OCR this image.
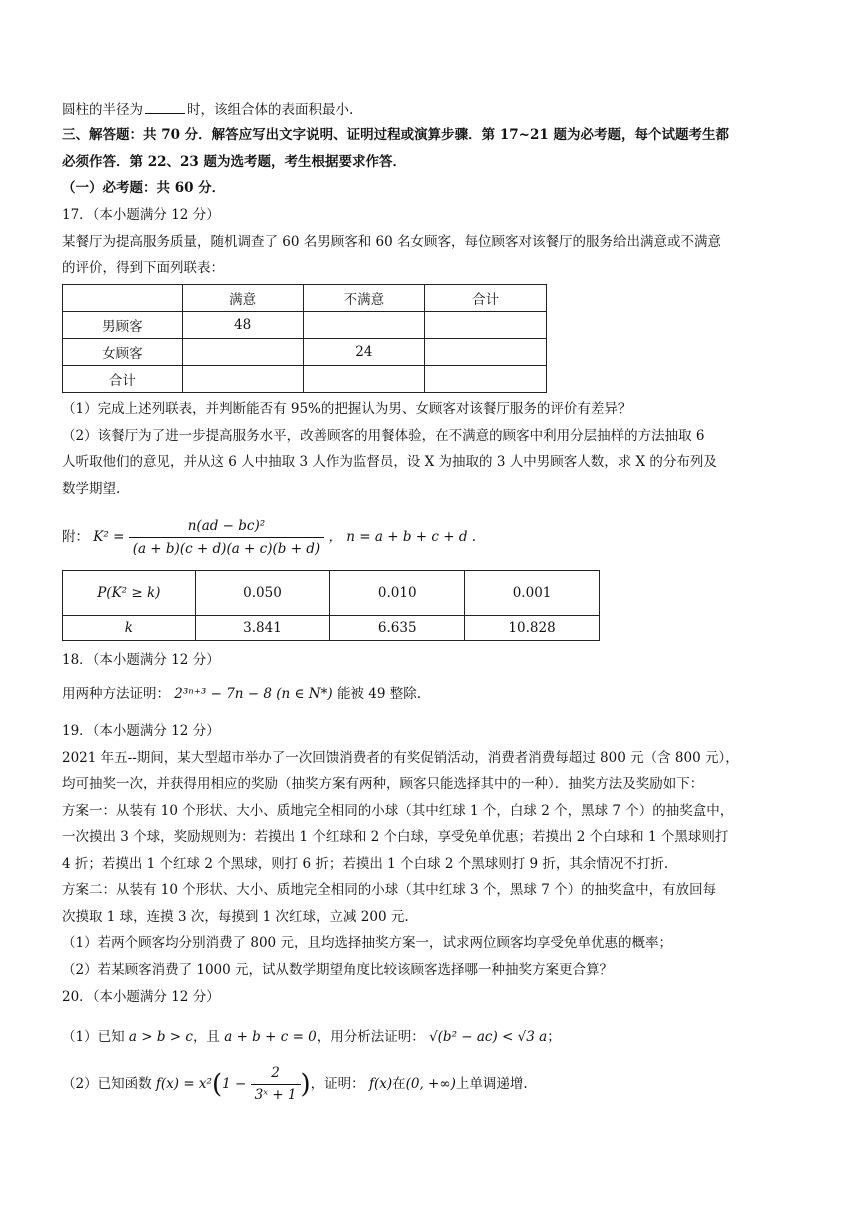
圆柱的半径为	时，该组合体的表面积最小.
三、解答题：共 70 分．解答应写出文字说明、证明过程或演算步骤．第 17~21 题为必考题，每个试题考生都
必须作答．第 22、23 题为选考题，考生根据要求作答．
（一）必考题：共 60 分．
17．（本小题满分 12 分）
某餐厅为提高服务质量，随机调查了 60 名男顾客和 60 名女顾客，每位顾客对该餐厅的服务给出满意或不满意
的评价，得到下面列联表：
	满意	不满意	合计
男顾客	48		
女顾客		24	
合计			
（1）完成上述列联表，并判断能否有 95%的把握认为男、女顾客对该餐厅服务的评价有差异？
（2）该餐厅为了进一步提高服务水平，改善顾客的用餐体验，在不满意的顾客中利用分层抽样的方法抽取 6
人听取他们的意见，并从这 6 人中抽取 3 人作为监督员，设 X 为抽取的 3 人中男顾客人数，求 X 的分布列及
数学期望.
附： $K^2 = \frac{\text{n(ad − bc)²}}{(a + b)(c + d)(a + c)(b + d)}$ ， n = a + b + c + d .
P(K² ≥ k)	0.050	0.010	0.001
k	3.841	6.635	10.828
18．（本小题满分 12 分）
用两种方法证明： 2³ⁿ⁺³ − 7n − 8 (n ∈ N*) 能被 49 整除.
19．（本小题满分 12 分）
2021 年五--期间，某大型超市举办了一次回馈消费者的有奖促销活动，消费者消费每超过 800 元（含 800 元），
均可抽奖一次，并获得用相应的奖励（抽奖方案有两种，顾客只能选择其中的一种）．抽奖方法及奖励如下：
方案一：从装有 10 个形状、大小、质地完全相同的小球（其中红球 1 个，白球 2 个，黑球 7 个）的抽奖盒中，
一次摸出 3 个球，奖励规则为：若摸出 1 个红球和 2 个白球，享受免单优惠；若摸出 2 个白球和 1 个黑球则打
4 折；若摸出 1 个红球 2 个黑球，则打 6 折；若摸出 1 个白球 2 个黑球则打 9 折，其余情况不打折.
方案二：从装有 10 个形状、大小、质地完全相同的小球（其中红球 3 个，黑球 7 个）的抽奖盒中，有放回每
次摸取 1 球，连摸 3 次，每摸到 1 次红球，立减 200 元.
（1）若两个顾客均分别消费了 800 元，且均选择抽奖方案一，试求两位顾客均享受免单优惠的概率；
（2）若某顾客消费了 1000 元，试从数学期望角度比较该顾客选择哪一种抽奖方案更合算？
20．（本小题满分 12 分）
（1）已知 a > b > c，且 a + b + c = 0，用分析法证明： √(b² − ac) < √3 a；
（2）已知函数 $f(x) = x^2(1 - \frac{2}{\text{3ˣ + 1}}$ )，证明： f(x)在(0, +∞)上单调递增.
